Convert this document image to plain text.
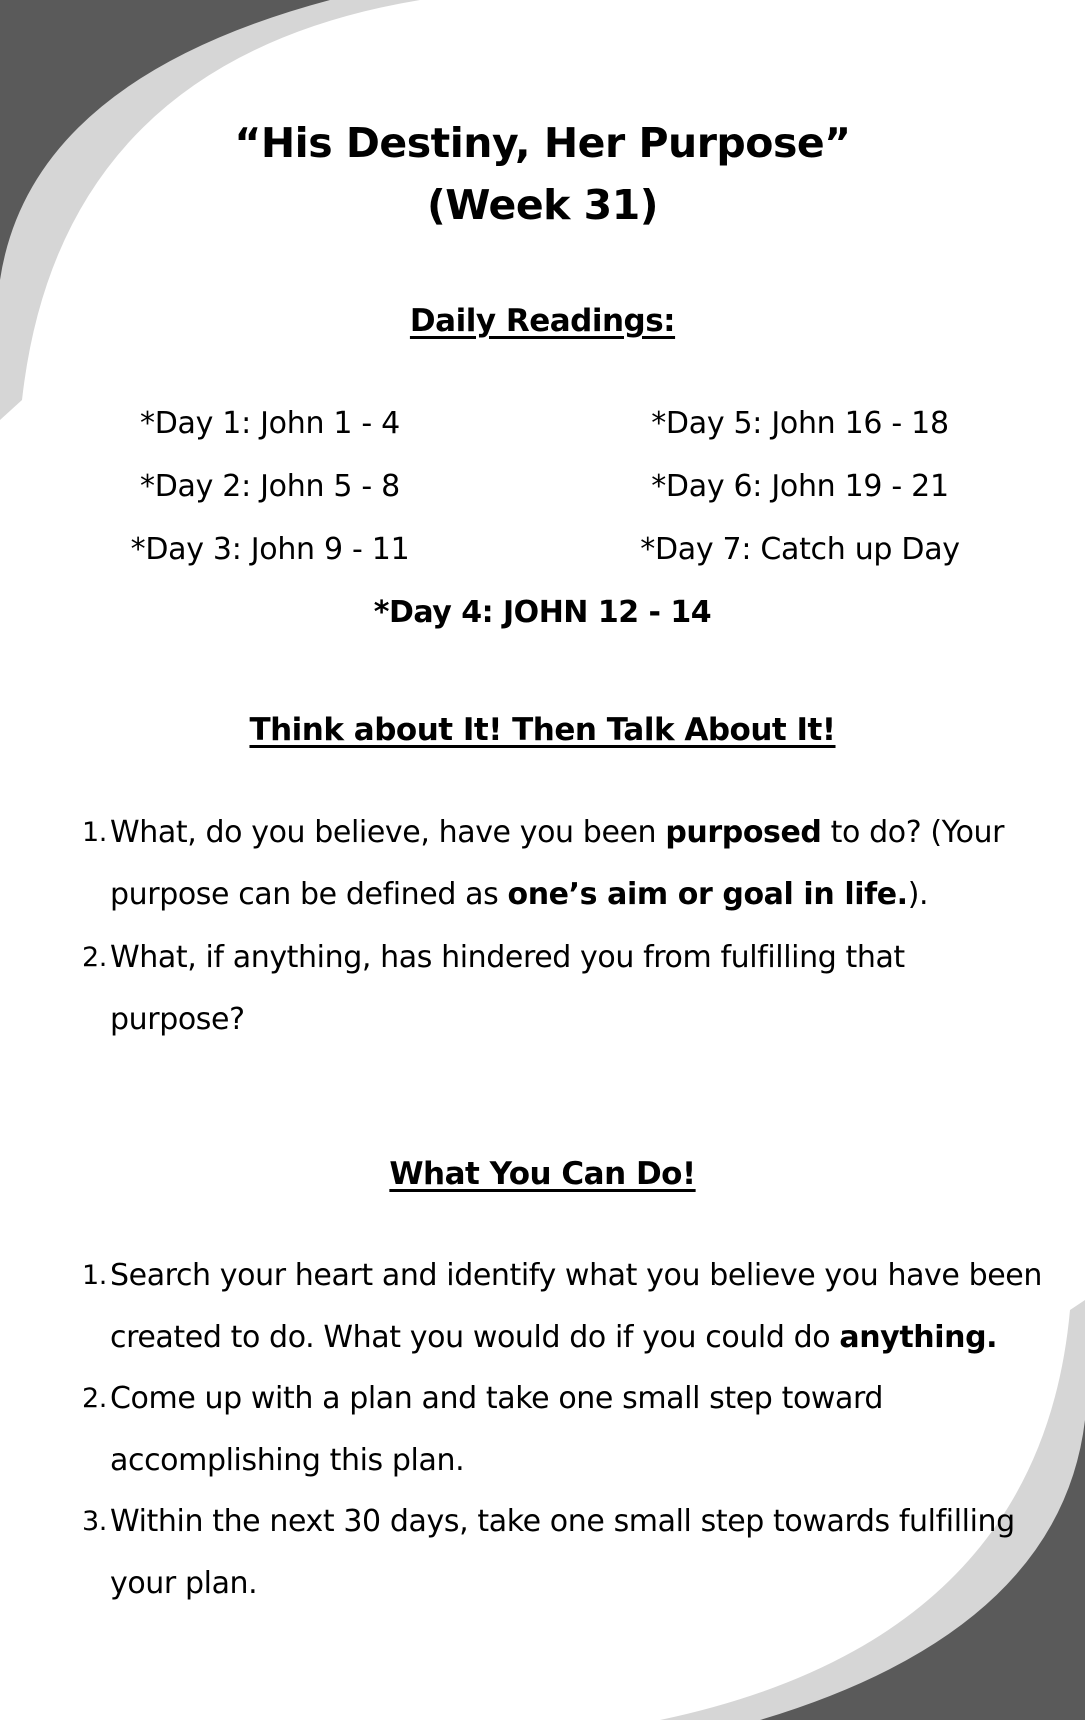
“His Destiny, Her Purpose”
(Week 31)
Daily Readings:
*Day 1: John 1 - 4
*Day 2: John 5 - 8
*Day 3: John 9 - 11
*Day 5: John 16 - 18
*Day 6: John 19 - 21
*Day 7: Catch up Day
*Day 4: JOHN 12 - 14
Think about It! Then Talk About It!
1. What, do you believe, have you been purposed to do? (Your purpose can be defined as one’s aim or goal in life.).
2. What, if anything, has hindered you from fulfilling that purpose?
What You Can Do!
1. Search your heart and identify what you believe you have been created to do. What you would do if you could do anything.
2. Come up with a plan and take one small step toward accomplishing this plan.
3. Within the next 30 days, take one small step towards fulfilling your plan.
